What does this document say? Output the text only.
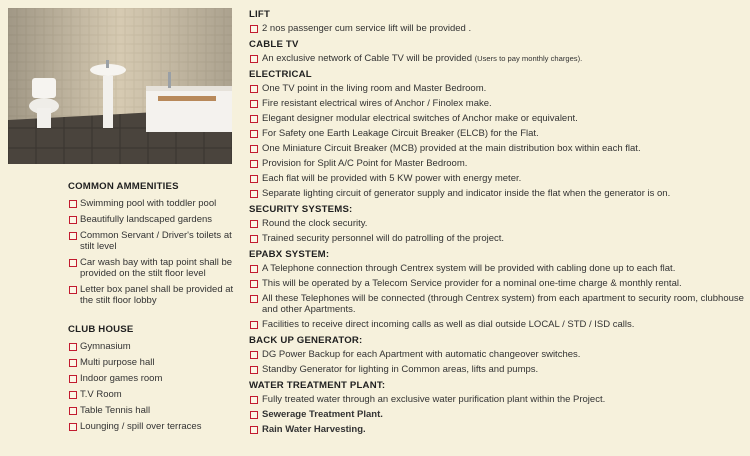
COMMON AMMENITIES
Swimming pool with toddler pool
Beautifully landscaped gardens
Common Servant / Driver's toilets at stilt level
Car wash bay with tap point shall be provided on the stilt floor level
Letter box panel shall be provided at the stilt floor lobby
CLUB HOUSE
Gymnasium
Multi purpose hall
Indoor games room
T.V Room
Table Tennis hall
Lounging / spill over terraces
LIFT
2 nos passenger cum service lift will be provided .
CABLE TV
An exclusive network of Cable TV will be provided (Users to pay monthly charges).
ELECTRICAL
One TV point in the living room and Master Bedroom.
Fire resistant electrical wires of Anchor / Finolex make.
Elegant designer modular electrical switches of Anchor make or equivalent.
For Safety one Earth Leakage Circuit Breaker (ELCB) for the Flat.
One Miniature Circuit Breaker (MCB) provided at the main distribution box within each flat.
Provision for Split A/C Point for Master Bedroom.
Each flat will be provided with 5 KW power with energy meter.
Separate lighting circuit of generator supply and indicator inside the flat when the generator is on.
SECURITY SYSTEMS:
Round the clock security.
Trained security personnel will do patrolling of the project.
EPABX SYSTEM:
A Telephone connection through Centrex system will be provided with cabling done up to each flat.
This will be operated by a Telecom Service provider for a nominal one-time charge & monthly rental.
All these Telephones will be connected (through Centrex system) from each apartment to security room, clubhouse and other Apartments.
Facilities to receive direct incoming calls as well as dial outside LOCAL / STD / ISD calls.
BACK UP GENERATOR:
DG Power Backup for each Apartment with automatic changeover switches.
Standby Generator for lighting in Common areas, lifts and pumps.
WATER TREATMENT PLANT:
Fully treated water through an exclusive water purification plant within the Project.
Sewerage Treatment Plant.
Rain Water Harvesting.
